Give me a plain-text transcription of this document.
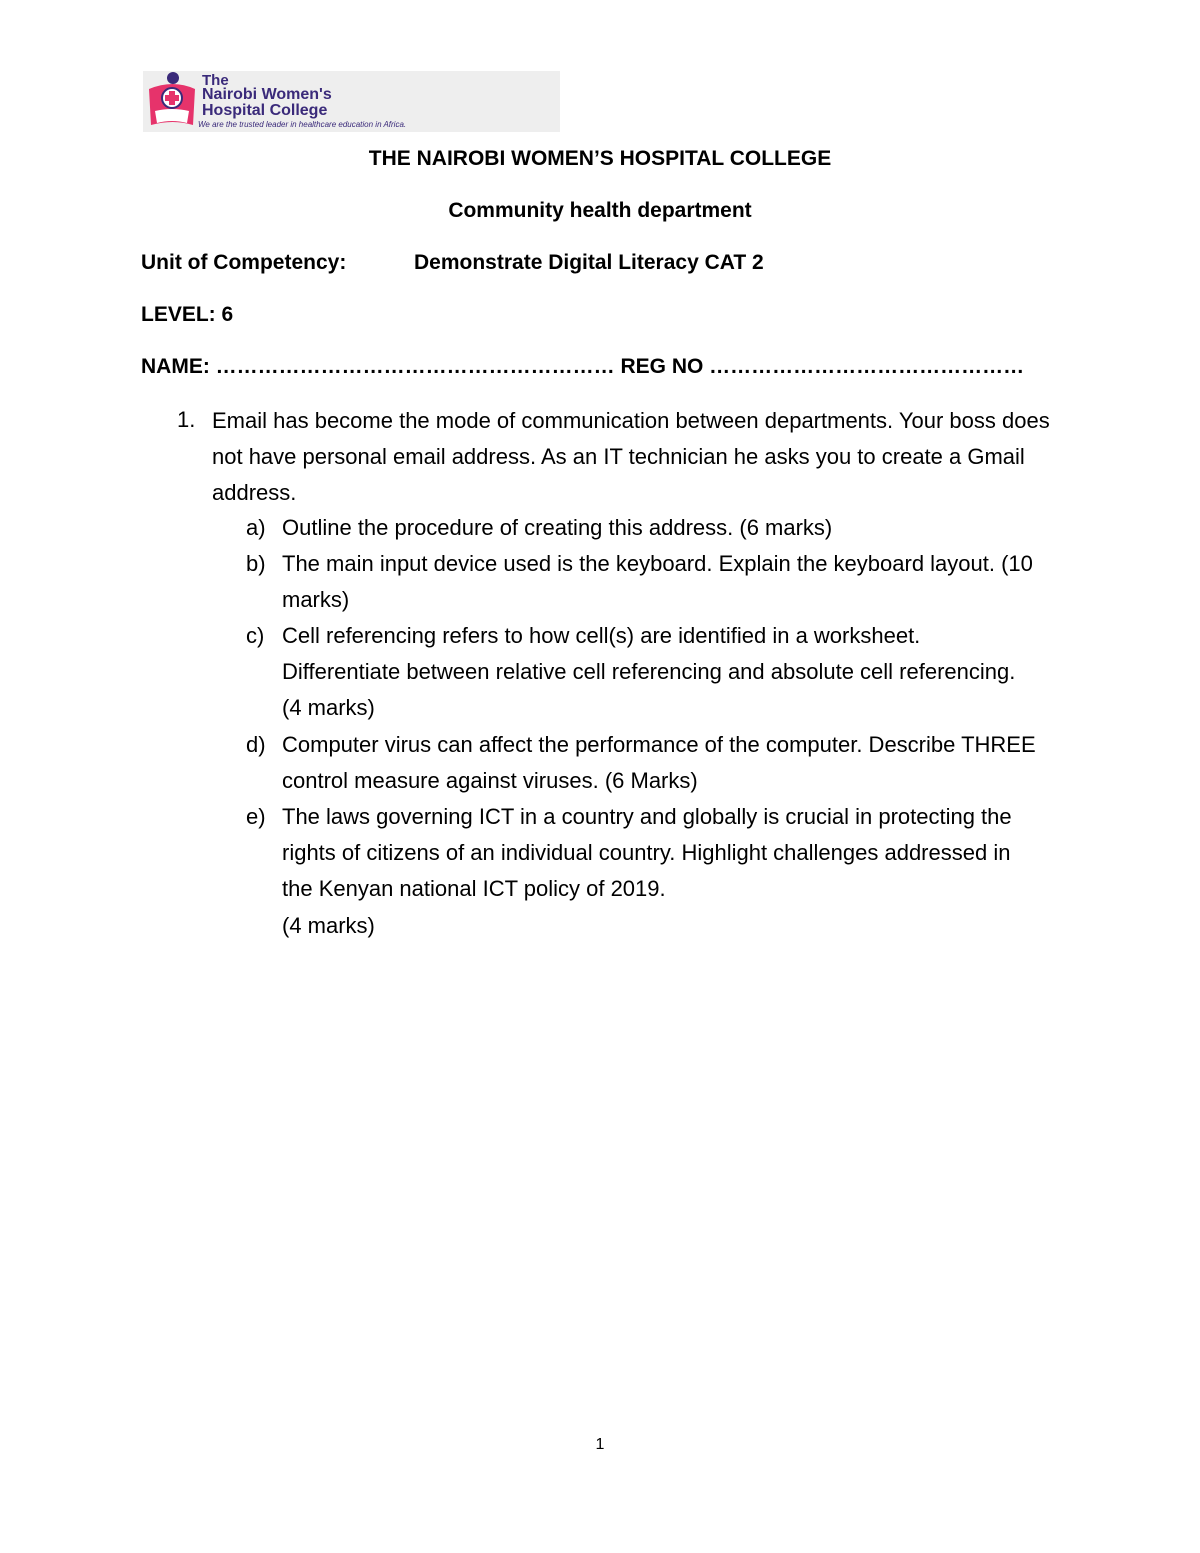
The
Nairobi Women's
Hospital College
We are the trusted leader in healthcare education in Africa.
THE NAIROBI WOMEN’S HOSPITAL COLLEGE
Community health department
Unit of Competency:	Demonstrate Digital Literacy CAT 2
LEVEL: 6
NAME: ………………………………………………… REG NO ………………………………………
1. Email has become the mode of communication between departments. Your boss does not have personal email address. As an IT technician he asks you to create a Gmail address.
a) Outline the procedure of creating this address. (6 marks)
b) The main input device used is the keyboard. Explain the keyboard layout. (10 marks)
c) Cell referencing refers to how cell(s) are identified in a worksheet. Differentiate between relative cell referencing and absolute cell referencing. (4 marks)
d) Computer virus can affect the performance of the computer. Describe THREE control measure against viruses. (6 Marks)
e) The laws governing ICT in a country and globally is crucial in protecting the rights of citizens of an individual country. Highlight challenges addressed in the Kenyan national ICT policy of 2019.
(4 marks)
1
